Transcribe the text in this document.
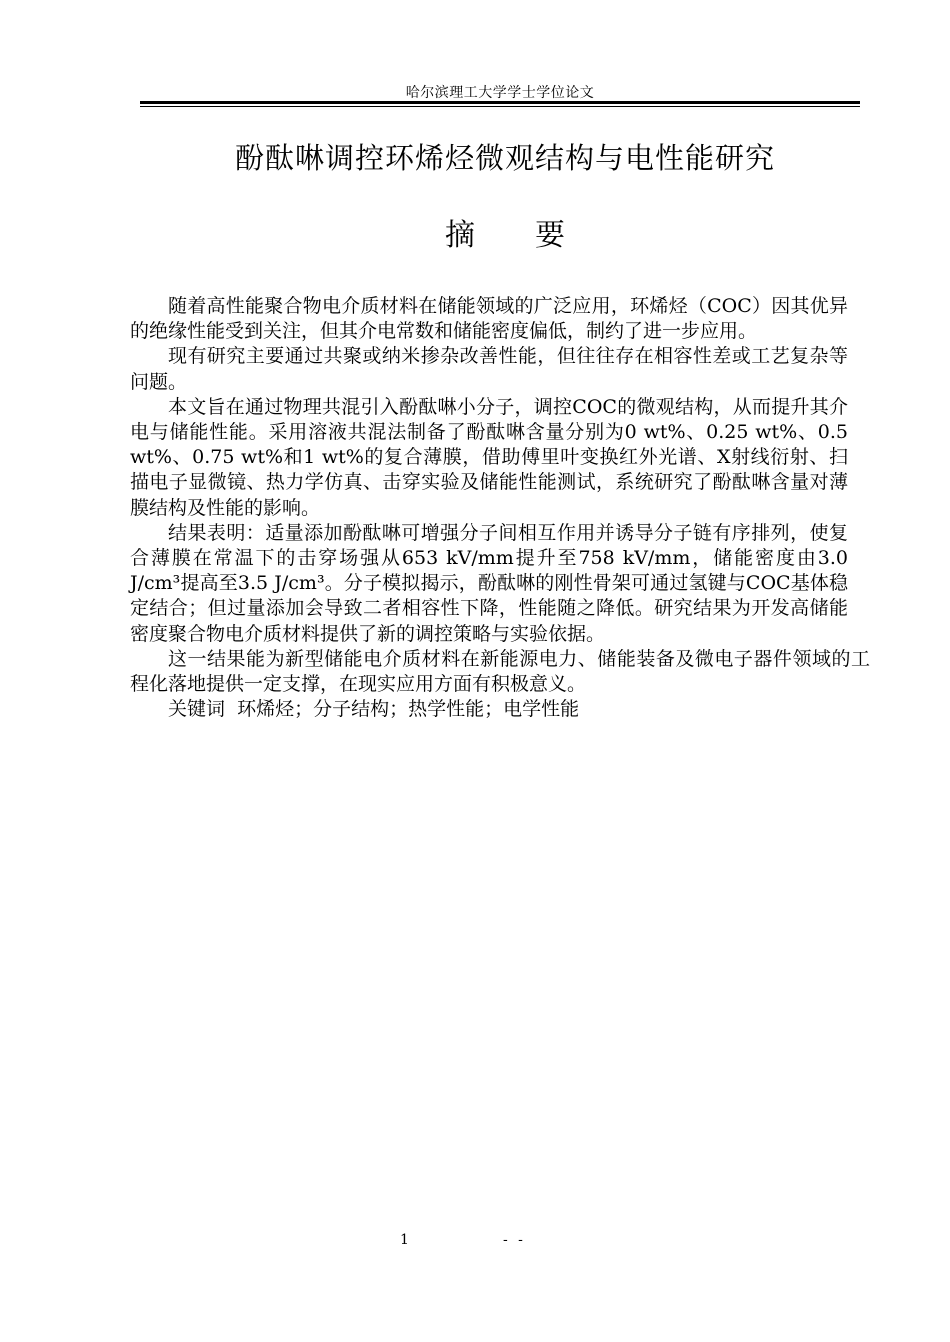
哈尔滨理工大学学士学位论文
酚酞啉调控环烯烃微观结构与电性能研究
摘 要

随着高性能聚合物电介质材料在储能领域的广泛应用，环烯烃（COC）因其优异的绝缘性能受到关注，但其介电常数和储能密度偏低，制约了进一步应用。

现有研究主要通过共聚或纳米掺杂改善性能，但往往存在相容性差或工艺复杂等问题。

本文旨在通过物理共混引入酚酞啉小分子，调控COC的微观结构，从而提升其介电与储能性能。采用溶液共混法制备了酚酞啉含量分别为0 wt%、0.25 wt%、0.5 wt%、0.75 wt%和1 wt%的复合薄膜，借助傅里叶变换红外光谱、X射线衍射、扫描电子显微镜、热力学仿真、击穿实验及储能性能测试，系统研究了酚酞啉含量对薄膜结构及性能的影响。

结果表明：适量添加酚酞啉可增强分子间相互作用并诱导分子链有序排列，使复合薄膜在常温下的击穿场强从653 kV/mm提升至758 kV/mm，储能密度由3.0 J/cm³提高至3.5 J/cm³。分子模拟揭示，酚酞啉的刚性骨架可通过氢键与COC基体稳定结合；但过量添加会导致二者相容性下降，性能随之降低。研究结果为开发高储能密度聚合物电介质材料提供了新的调控策略与实验依据。

这一结果能为新型储能电介质材料在新能源电力、储能装备及微电子器件领域的工程化落地提供一定支撑，在现实应用方面有积极意义。

关键词 环烯烃；分子结构；热学性能；电学性能

1	- -
